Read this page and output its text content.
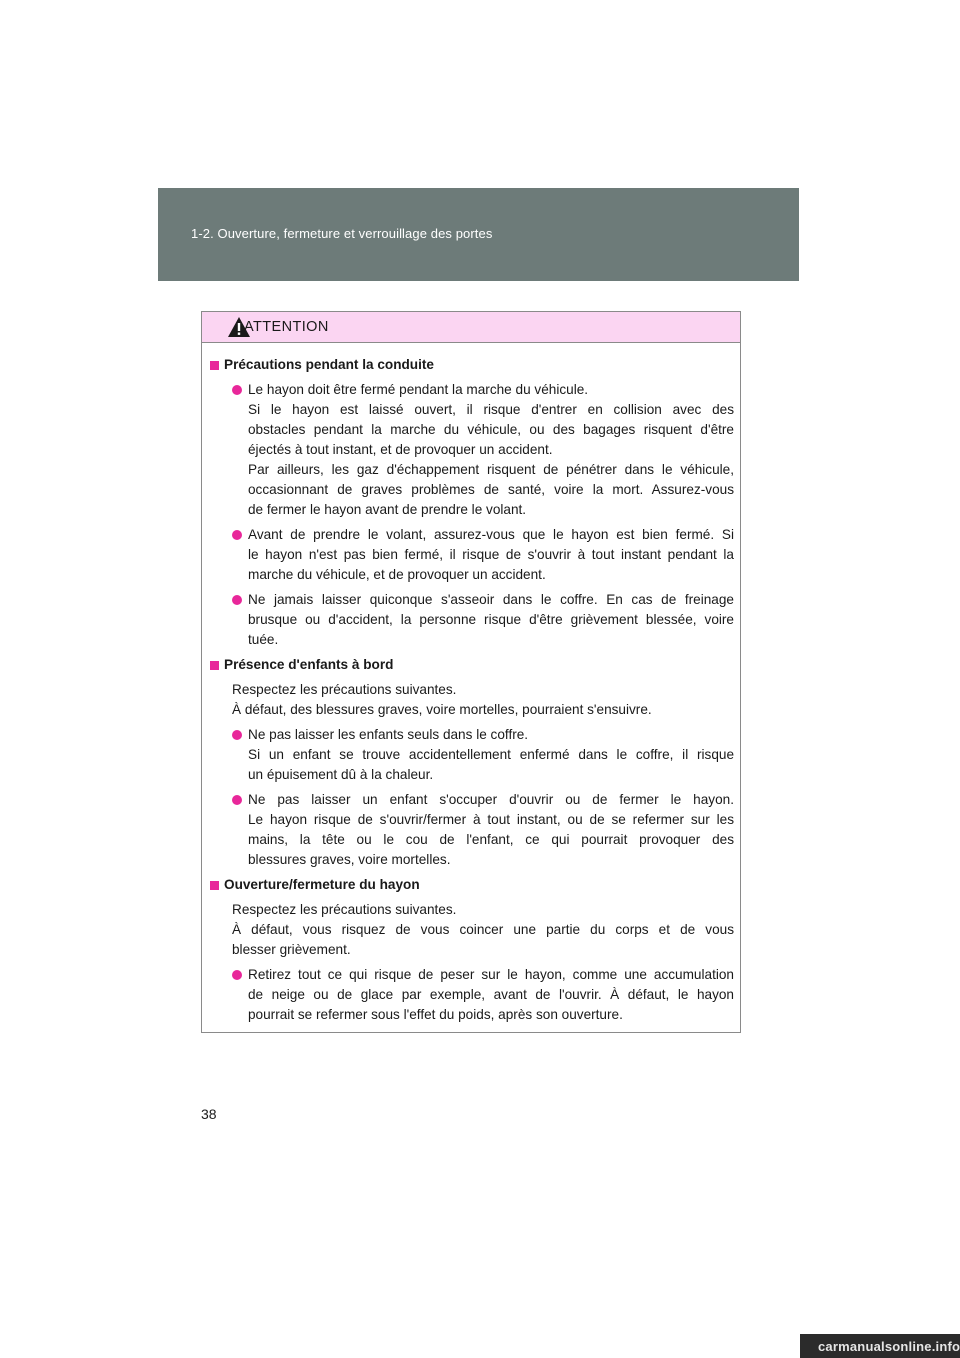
1-2. Ouverture, fermeture et verrouillage des portes
ATTENTION
Précautions pendant la conduite
Le hayon doit être fermé pendant la marche du véhicule.
Si le hayon est laissé ouvert, il risque d'entrer en collision avec des
obstacles pendant la marche du véhicule, ou des bagages risquent d'être
éjectés à tout instant, et de provoquer un accident.
Par ailleurs, les gaz d'échappement risquent de pénétrer dans le véhicule,
occasionnant de graves problèmes de santé, voire la mort. Assurez-vous
de fermer le hayon avant de prendre le volant.
Avant de prendre le volant, assurez-vous que le hayon est bien fermé. Si
le hayon n'est pas bien fermé, il risque de s'ouvrir à tout instant pendant la
marche du véhicule, et de provoquer un accident.
Ne jamais laisser quiconque s'asseoir dans le coffre. En cas de freinage
brusque ou d'accident, la personne risque d'être grièvement blessée, voire
tuée.
Présence d'enfants à bord
Respectez les précautions suivantes.
À défaut, des blessures graves, voire mortelles, pourraient s'ensuivre.
Ne pas laisser les enfants seuls dans le coffre.
Si un enfant se trouve accidentellement enfermé dans le coffre, il risque
un épuisement dû à la chaleur.
Ne pas laisser un enfant s'occuper d'ouvrir ou de fermer le hayon.
Le hayon risque de s'ouvrir/fermer à tout instant, ou de se refermer sur les
mains, la tête ou le cou de l'enfant, ce qui pourrait provoquer des
blessures graves, voire mortelles.
Ouverture/fermeture du hayon
Respectez les précautions suivantes.
À défaut, vous risquez de vous coincer une partie du corps et de vous
blesser grièvement.
Retirez tout ce qui risque de peser sur le hayon, comme une accumulation
de neige ou de glace par exemple, avant de l'ouvrir. À défaut, le hayon
pourrait se refermer sous l'effet du poids, après son ouverture.
38
carmanualsonline.info
